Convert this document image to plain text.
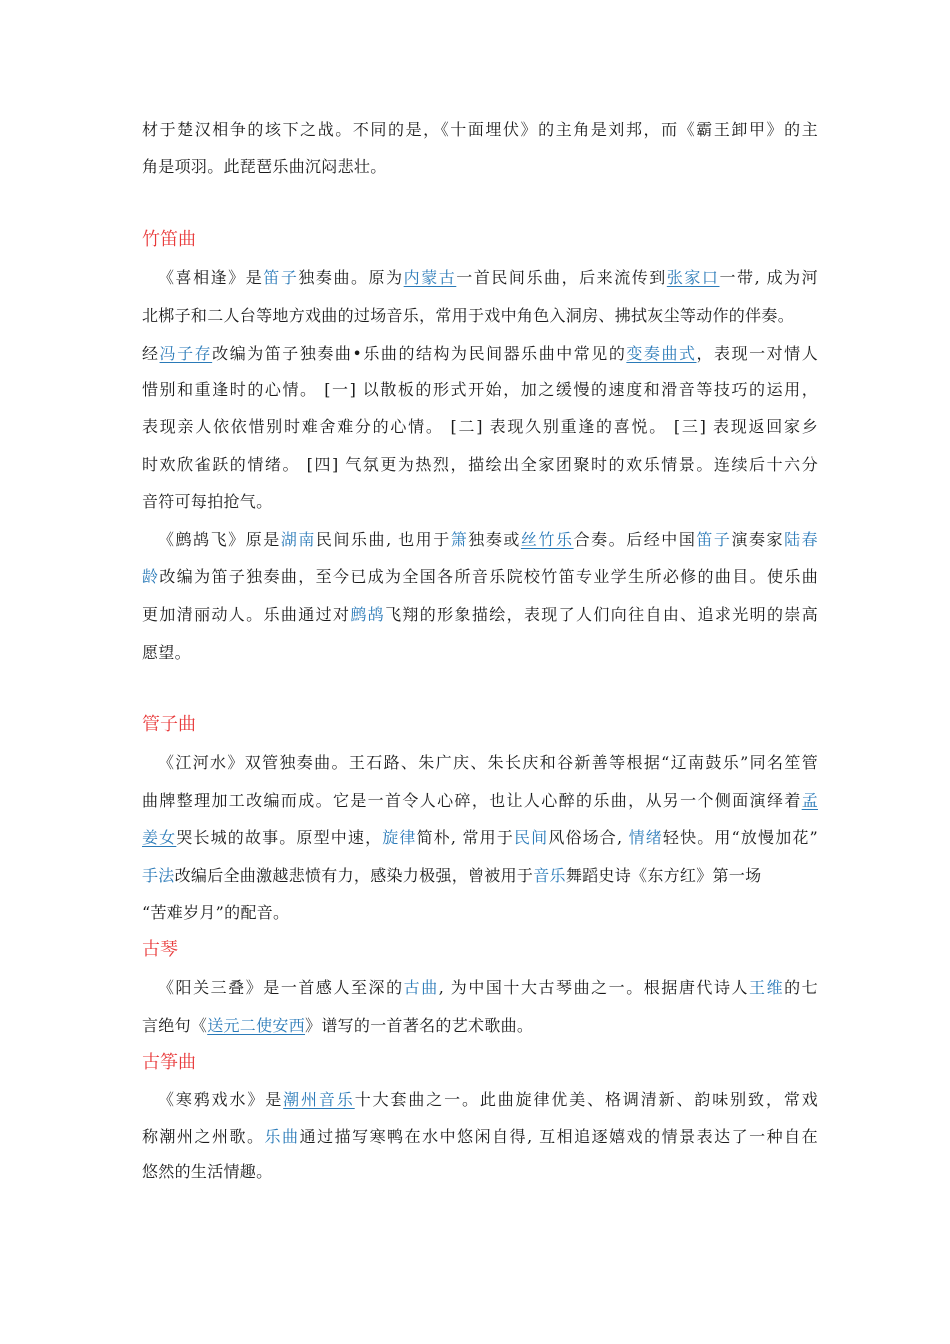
材于楚汉相争的垓下之战。不同的是，《十面埋伏》的主角是刘邦，而《霸王卸甲》的主
角是项羽。此琵琶乐曲沉闷悲壮。
竹笛曲
《喜相逢》是笛子独奏曲。原为内蒙古一首民间乐曲，后来流传到张家口一带, 成为河
北梆子和二人台等地方戏曲的过场音乐，常用于戏中角色入洞房、拂拭灰尘等动作的伴奏。
经冯子存改编为笛子独奏曲•乐曲的结构为民间器乐曲中常见的变奏曲式，表现一对情人
惜别和重逢时的心情。 [一] 以散板的形式开始，加之缓慢的速度和滑音等技巧的运用，
表现亲人依依惜别时难舍难分的心情。 [二] 表现久别重逢的喜悦。 [三] 表现返回家乡
时欢欣雀跃的情绪。 [四] 气氛更为热烈，描绘出全家团聚时的欢乐情景。连续后十六分
音符可每拍抢气。
《鹧鸪飞》原是湖南民间乐曲, 也用于箫独奏或丝竹乐合奏。后经中国笛子演奏家陆春
龄改编为笛子独奏曲，至今已成为全国各所音乐院校竹笛专业学生所必修的曲目。使乐曲
更加清丽动人。乐曲通过对鹧鸪飞翔的形象描绘，表现了人们向往自由、追求光明的崇高
愿望。
管子曲
《江河水》双管独奏曲。王石路、朱广庆、朱长庆和谷新善等根据“辽南鼓乐”同名笙管
曲牌整理加工改编而成。它是一首令人心碎，也让人心醉的乐曲，从另一个侧面演绎着孟
姜女哭长城的故事。原型中速，旋律简朴, 常用于民间风俗场合, 情绪轻快。用“放慢加花”
手法改编后全曲激越悲愤有力，感染力极强，曾被用于音乐舞蹈史诗《东方红》第一场
“苦难岁月”的配音。
古琴
《阳关三叠》是一首感人至深的古曲, 为中国十大古琴曲之一。根据唐代诗人王维的七
言绝句《送元二使安西》谱写的一首著名的艺术歌曲。
古筝曲
《寒鸦戏水》是潮州音乐十大套曲之一。此曲旋律优美、格调清新、韵味别致，常戏
称潮州之州歌。乐曲通过描写寒鸭在水中悠闲自得, 互相追逐嬉戏的情景表达了一种自在
悠然的生活情趣。
